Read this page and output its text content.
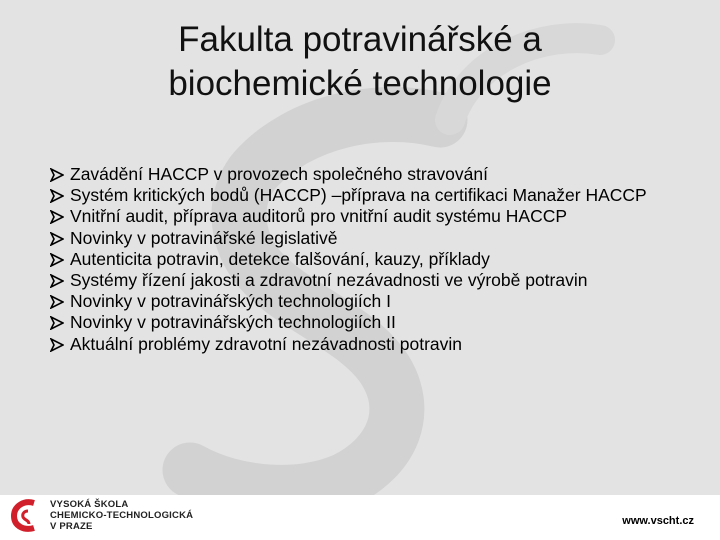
Fakulta potravinářské a
biochemické technologie
Zavádění HACCP v provozech společného stravování
Systém kritických bodů (HACCP) –příprava na certifikaci Manažer HACCP
Vnitřní audit, příprava auditorů pro vnitřní audit systému HACCP
Novinky v potravinářské legislativě
Autenticita potravin, detekce falšování, kauzy, příklady
Systémy řízení jakosti a zdravotní nezávadnosti ve výrobě potravin
Novinky v potravinářských technologiích I
Novinky v potravinářských technologiích II
Aktuální problémy zdravotní nezávadnosti potravin
VYSOKÁ ŠKOLA
CHEMICKO-TECHNOLOGICKÁ
V PRAZE	www.vscht.cz
